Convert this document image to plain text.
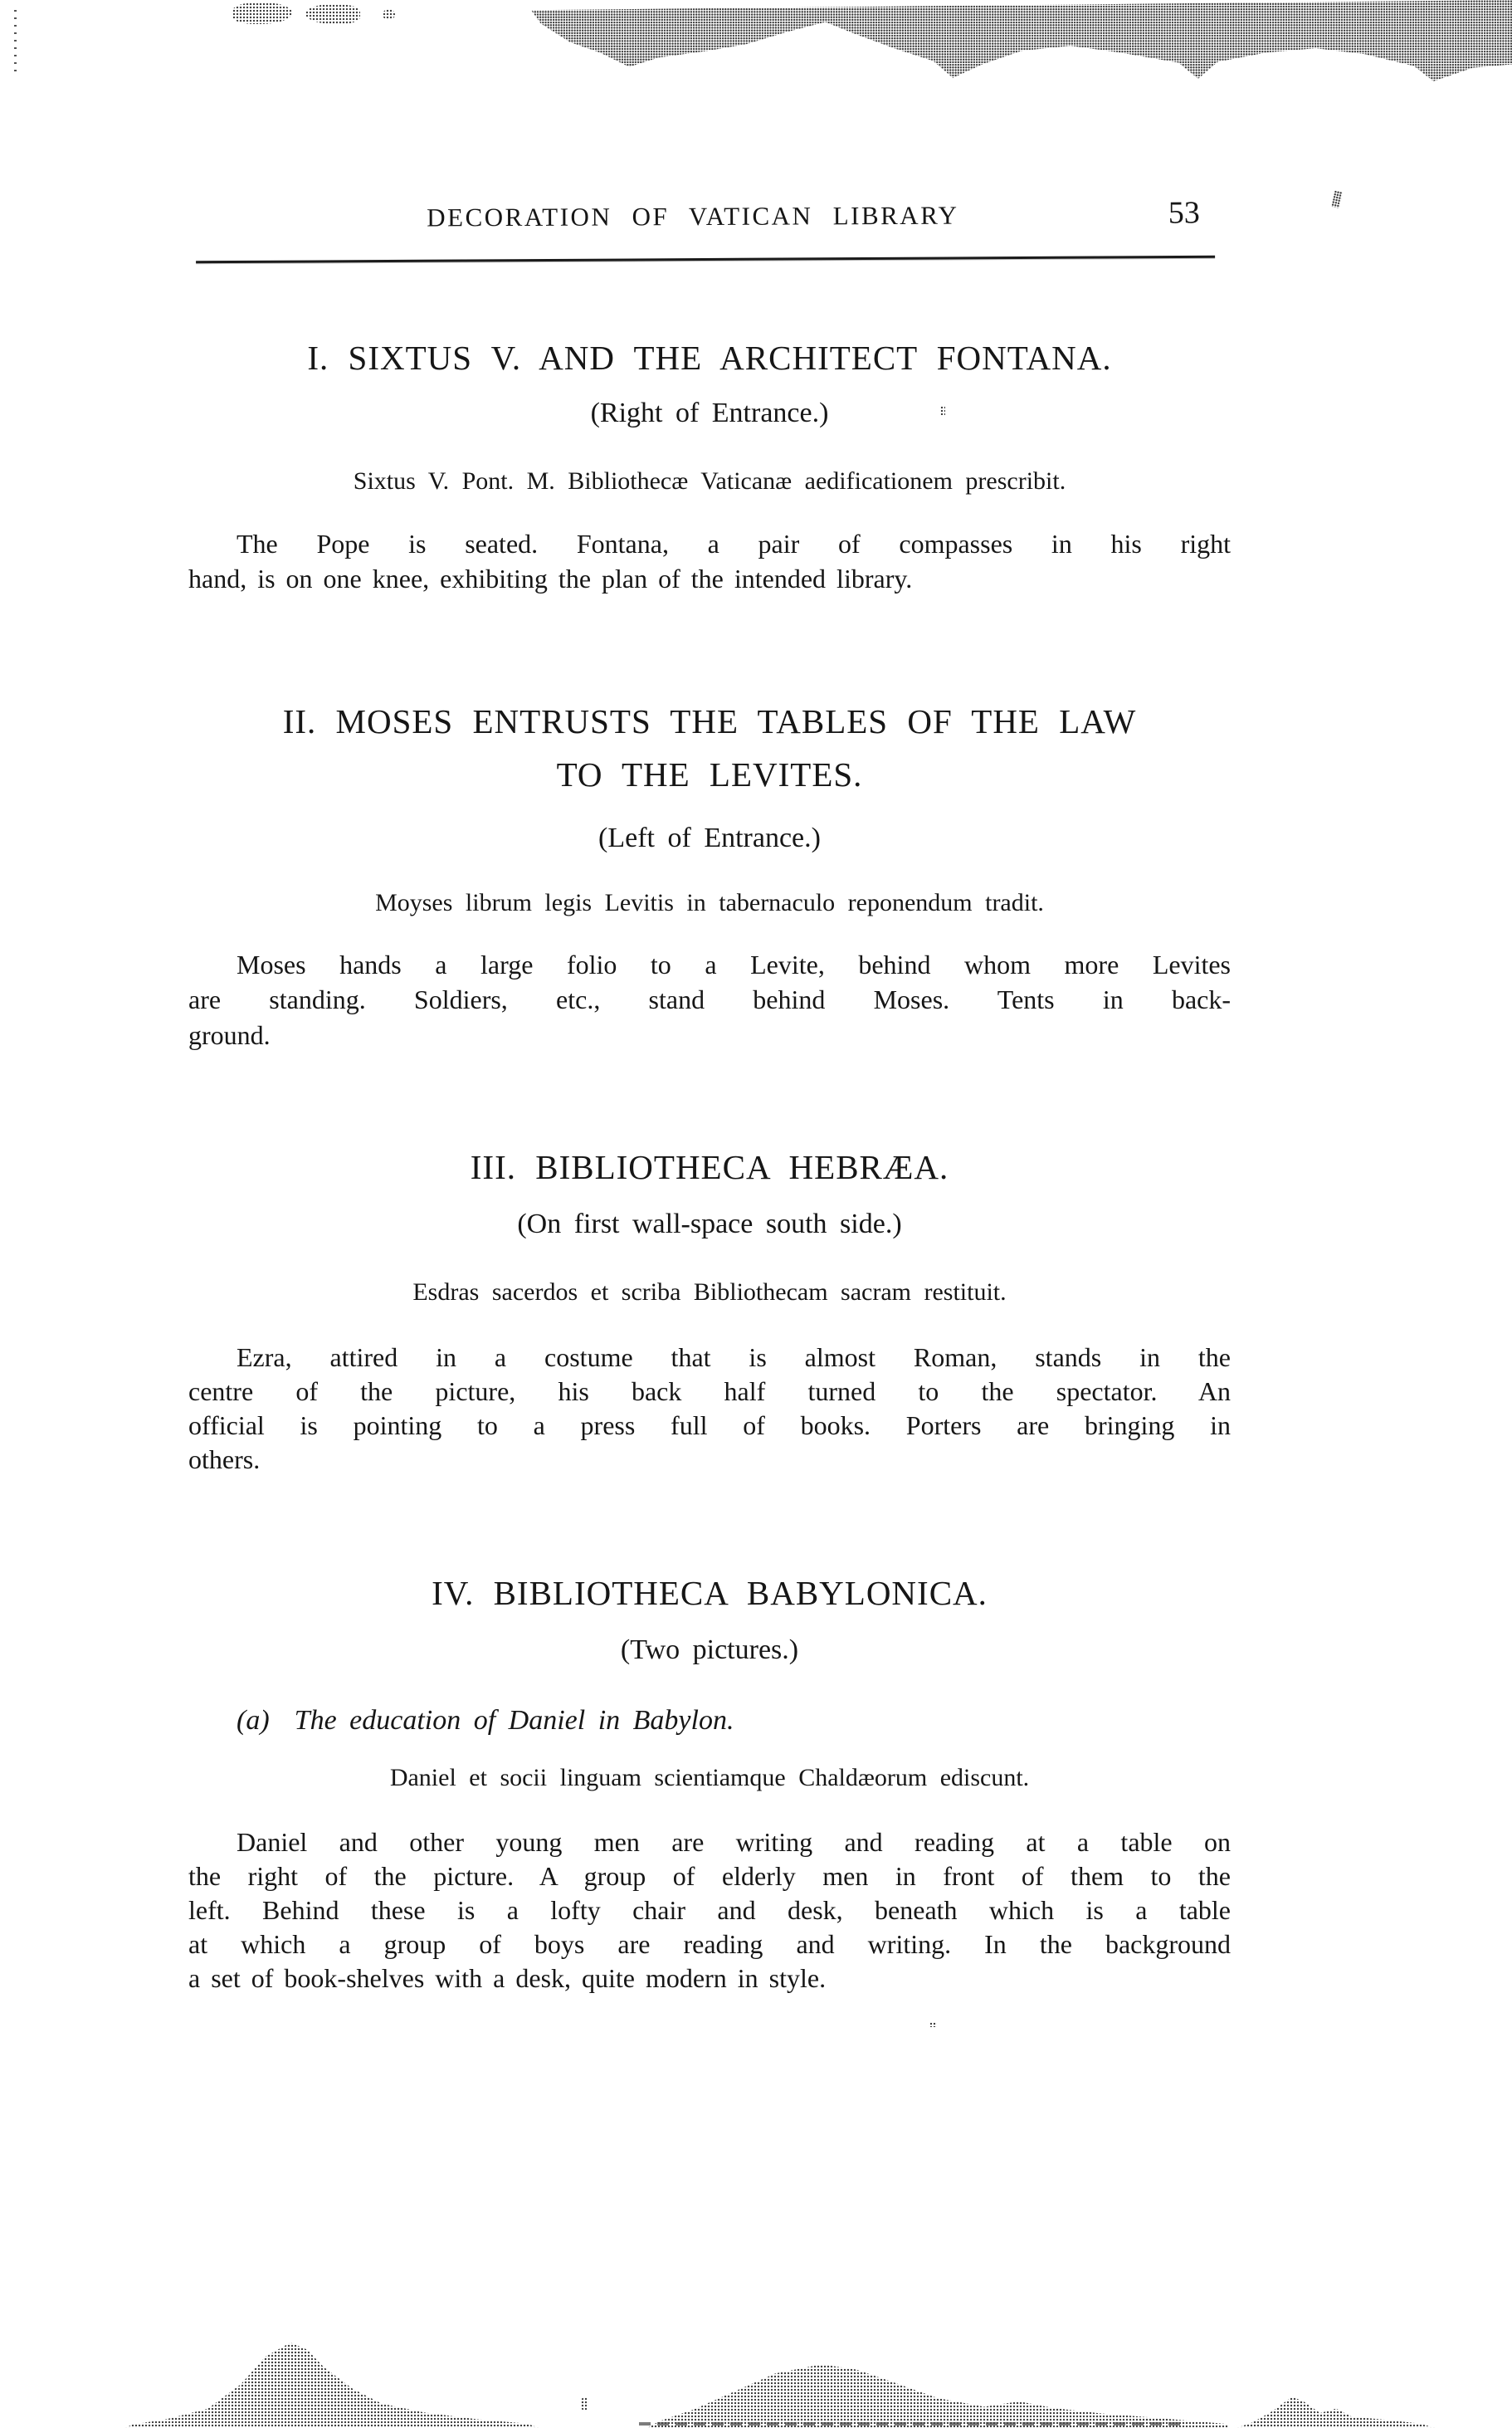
DECORATION OF VATICAN LIBRARY	53
I. SIXTUS V. AND THE ARCHITECT FONTANA.
(Right of Entrance.)
Sixtus V. Pont. M. Bibliothecæ Vaticanæ aedificationem prescribit.
The Pope is seated. Fontana, a pair of compasses in his right
hand, is on one knee, exhibiting the plan of the intended library.
II. MOSES ENTRUSTS THE TABLES OF THE LAW
TO THE LEVITES.
(Left of Entrance.)
Moyses librum legis Levitis in tabernaculo reponendum tradit.
Moses hands a large folio to a Levite, behind whom more Levites
are standing. Soldiers, etc., stand behind Moses. Tents in back-
ground.
III. BIBLIOTHECA HEBRÆA.
(On first wall-space south side.)
Esdras sacerdos et scriba Bibliothecam sacram restituit.
Ezra, attired in a costume that is almost Roman, stands in the
centre of the picture, his back half turned to the spectator. An
official is pointing to a press full of books. Porters are bringing in
others.
IV. BIBLIOTHECA BABYLONICA.
(Two pictures.)
(a) The education of Daniel in Babylon.
Daniel et socii linguam scientiamque Chaldæorum ediscunt.
Daniel and other young men are writing and reading at a table on
the right of the picture. A group of elderly men in front of them to the
left. Behind these is a lofty chair and desk, beneath which is a table
at which a group of boys are reading and writing. In the background
a set of book-shelves with a desk, quite modern in style.
